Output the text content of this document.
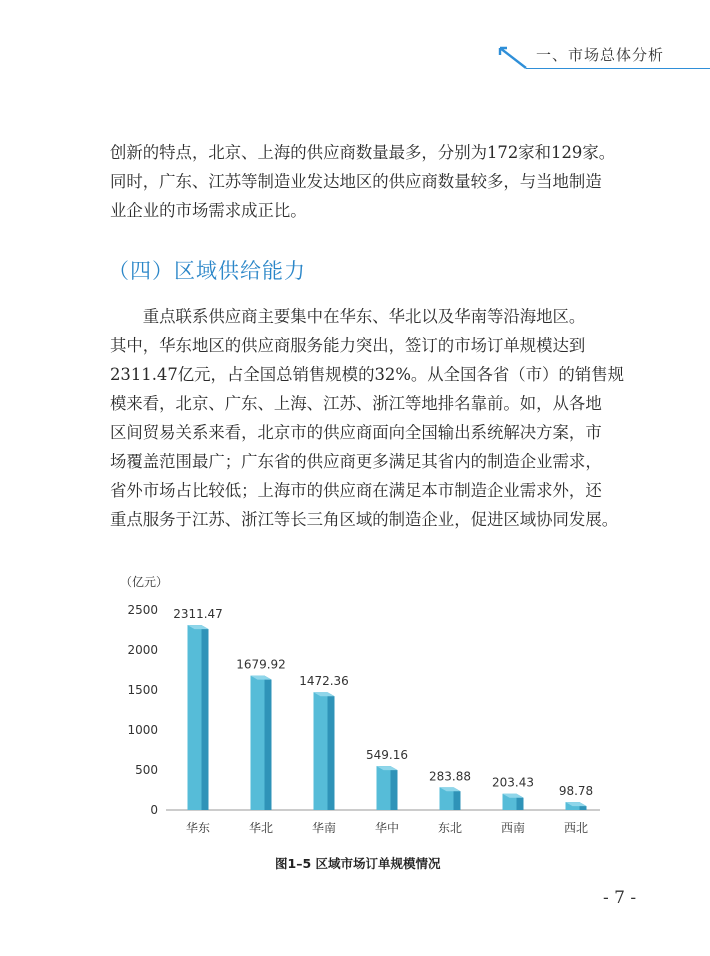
一、市场总体分析
创新的特点，北京、上海的供应商数量最多，分别为172家和129家。
同时，广东、江苏等制造业发达地区的供应商数量较多，与当地制造
业企业的市场需求成正比。
（四）区域供给能力
　　重点联系供应商主要集中在华东、华北以及华南等沿海地区。
其中，华东地区的供应商服务能力突出，签订的市场订单规模达到
2311.47亿元，占全国总销售规模的32%。从全国各省（市）的销售规
模来看，北京、广东、上海、江苏、浙江等地排名靠前。如，从各地
区间贸易关系来看，北京市的供应商面向全国输出系统解决方案，市
场覆盖范围最广；广东省的供应商更多满足其省内的制造企业需求，
省外市场占比较低；上海市的供应商在满足本市制造企业需求外，还
重点服务于江苏、浙江等长三角区域的制造企业，促进区域协同发展。
（亿元）
0
500
1000
1500
2000
2500 2311.47
华东
1679.92
华北
1472.36
华南
549.16
华中
283.88
东北
203.43
西南
98.78
西北
图1–5 区域市场订单规模情况
- 7 -
